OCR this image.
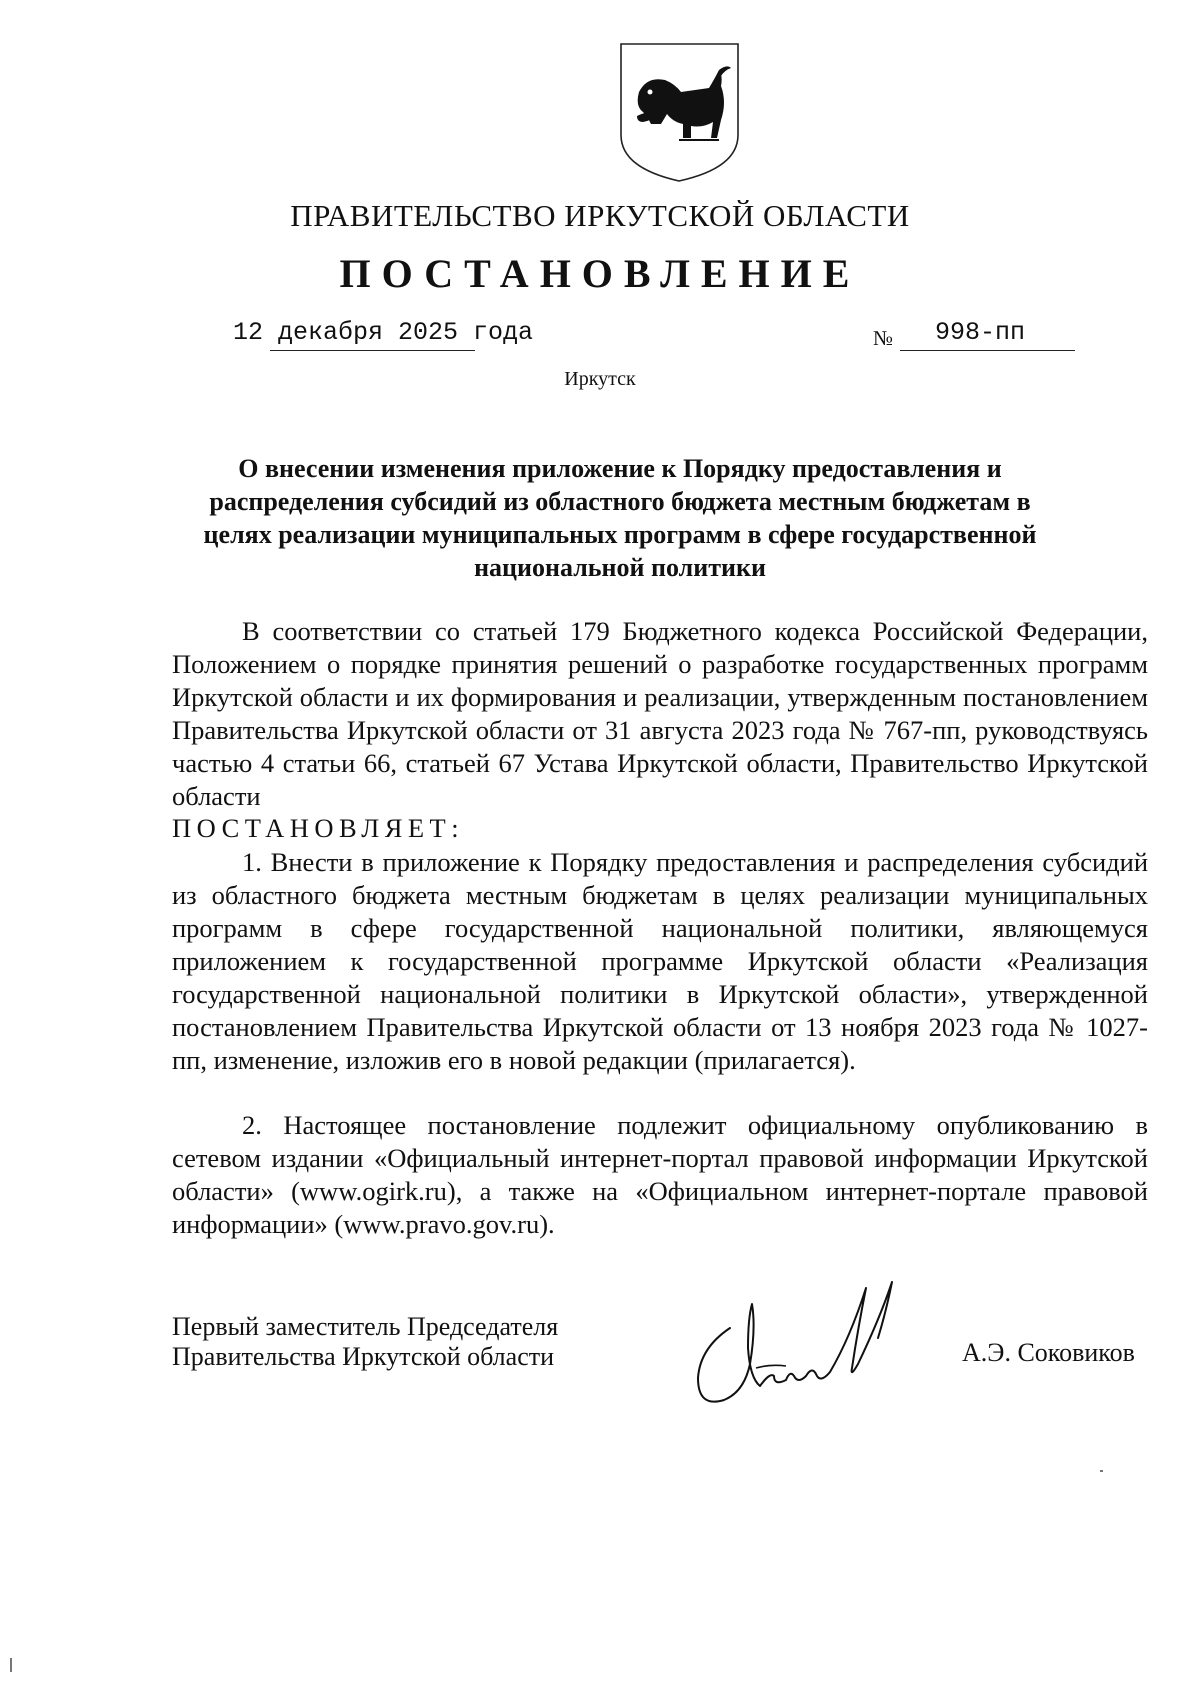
ПРАВИТЕЛЬСТВО ИРКУТСКОЙ ОБЛАСТИ
ПОСТАНОВЛЕНИЕ
12 декабря 2025 года	№ 998-пп
Иркутск
О внесении изменения приложение к Порядку предоставления и распределения субсидий из областного бюджета местным бюджетам в целях реализации муниципальных программ в сфере государственной национальной политики
В соответствии со статьей 179 Бюджетного кодекса Российской Федерации, Положением о порядке принятия решений о разработке государственных программ Иркутской области и их формирования и реализации, утвержденным постановлением Правительства Иркутской области от 31 августа 2023 года № 767-пп, руководствуясь частью 4 статьи 66, статьей 67 Устава Иркутской области, Правительство Иркутской области
ПОСТАНОВЛЯЕТ:
1. Внести в приложение к Порядку предоставления и распределения субсидий из областного бюджета местным бюджетам в целях реализации муниципальных программ в сфере государственной национальной политики, являющемуся приложением к государственной программе Иркутской области «Реализация государственной национальной политики в Иркутской области», утвержденной постановлением Правительства Иркутской области от 13 ноября 2023 года № 1027-пп, изменение, изложив его в новой редакции (прилагается).
2. Настоящее постановление подлежит официальному опубликованию в сетевом издании «Официальный интернет-портал правовой информации Иркутской области» (www.ogirk.ru), а также на «Официальном интернет-портале правовой информации» (www.pravo.gov.ru).
Первый заместитель Председателя
Правительства Иркутской области	А.Э. Соковиков
